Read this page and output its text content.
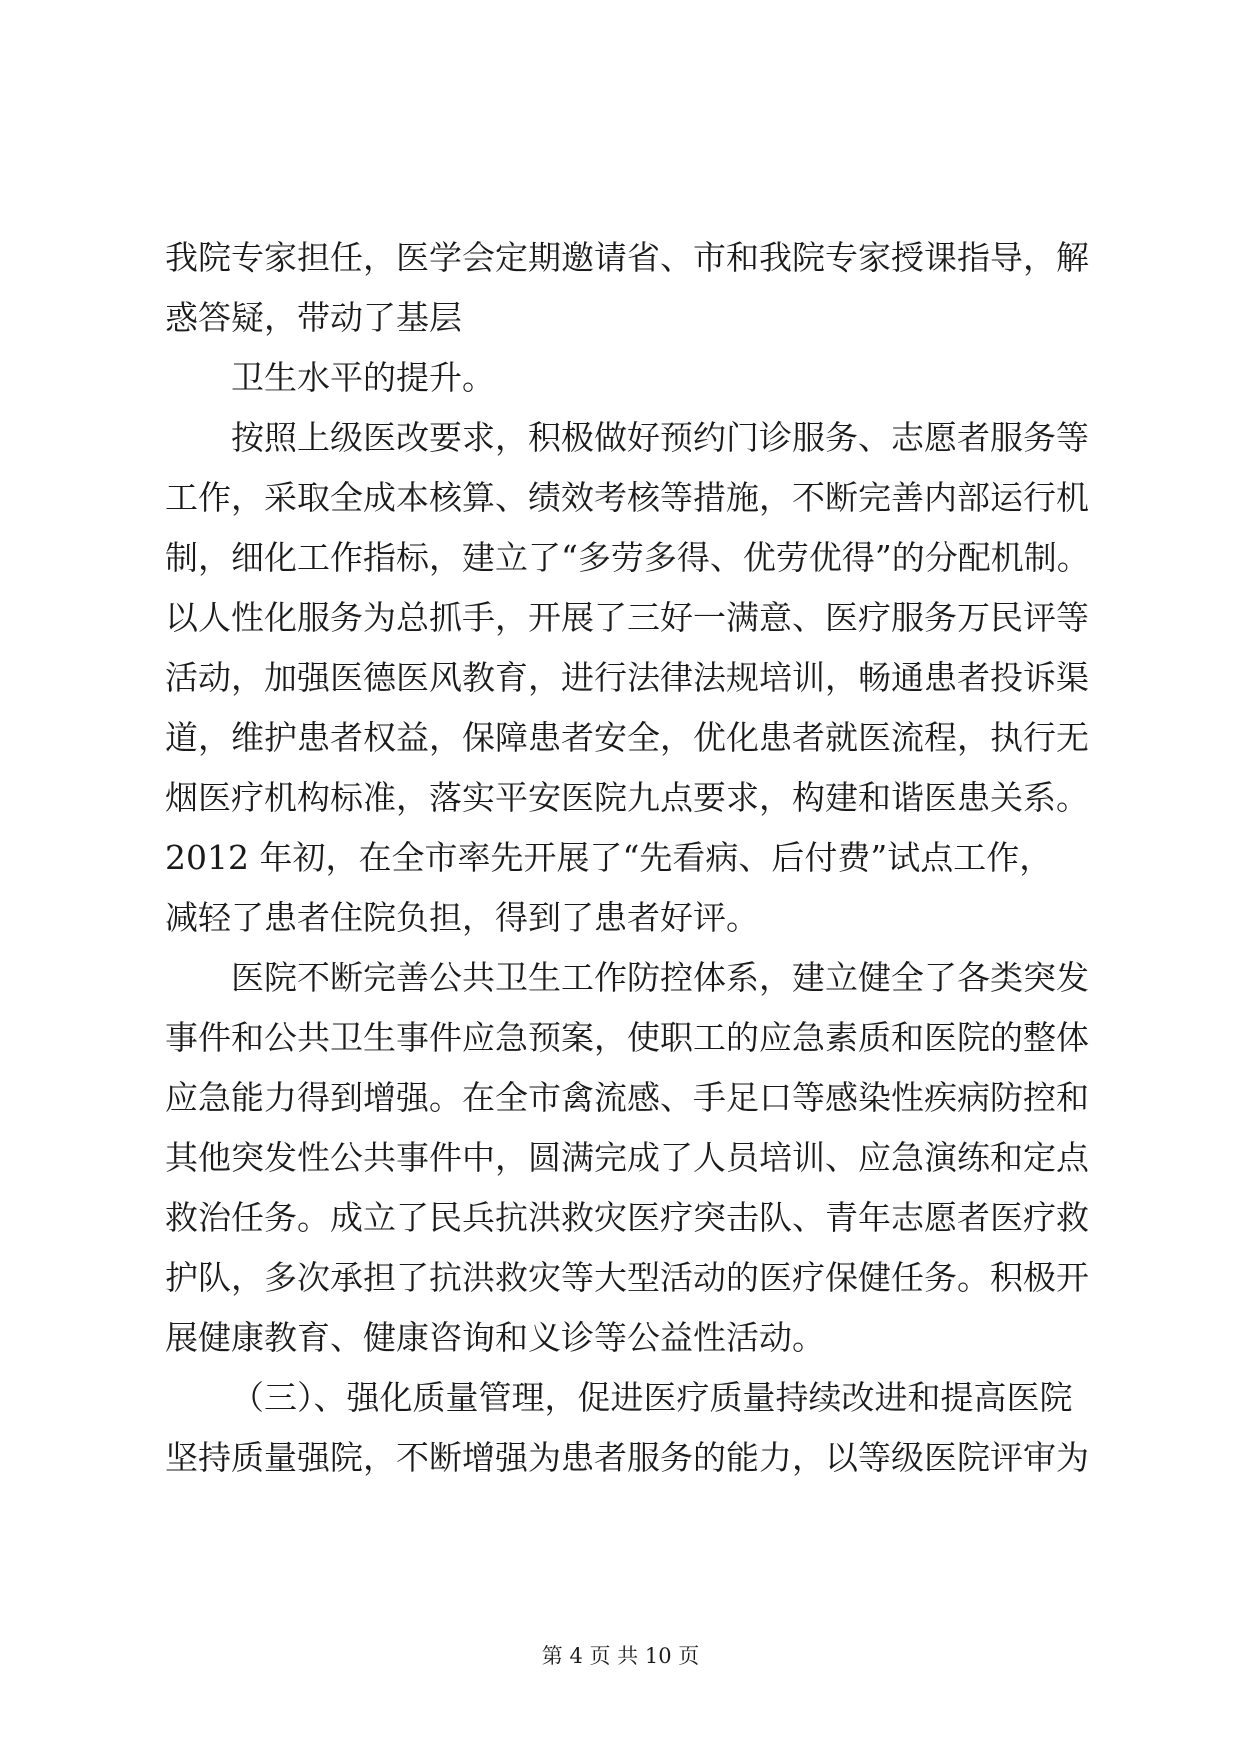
我院专家担任，医学会定期邀请省、市和我院专家授课指导，解
惑答疑，带动了基层
卫生水平的提升。
按照上级医改要求，积极做好预约门诊服务、志愿者服务等
工作，采取全成本核算、绩效考核等措施，不断完善内部运行机
制，细化工作指标，建立了“多劳多得、优劳优得”的分配机制。
以人性化服务为总抓手，开展了三好一满意、医疗服务万民评等
活动，加强医德医风教育，进行法律法规培训，畅通患者投诉渠
道，维护患者权益，保障患者安全，优化患者就医流程，执行无
烟医疗机构标准，落实平安医院九点要求，构建和谐医患关系。
2012 年初，在全市率先开展了“先看病、后付费”试点工作，
减轻了患者住院负担，得到了患者好评。
医院不断完善公共卫生工作防控体系，建立健全了各类突发
事件和公共卫生事件应急预案，使职工的应急素质和医院的整体
应急能力得到增强。在全市禽流感、手足口等感染性疾病防控和
其他突发性公共事件中，圆满完成了人员培训、应急演练和定点
救治任务。成立了民兵抗洪救灾医疗突击队、青年志愿者医疗救
护队，多次承担了抗洪救灾等大型活动的医疗保健任务。积极开
展健康教育、健康咨询和义诊等公益性活动。
（三）、强化质量管理，促进医疗质量持续改进和提高医院
坚持质量强院，不断增强为患者服务的能力，以等级医院评审为
第 4 页 共 10 页
